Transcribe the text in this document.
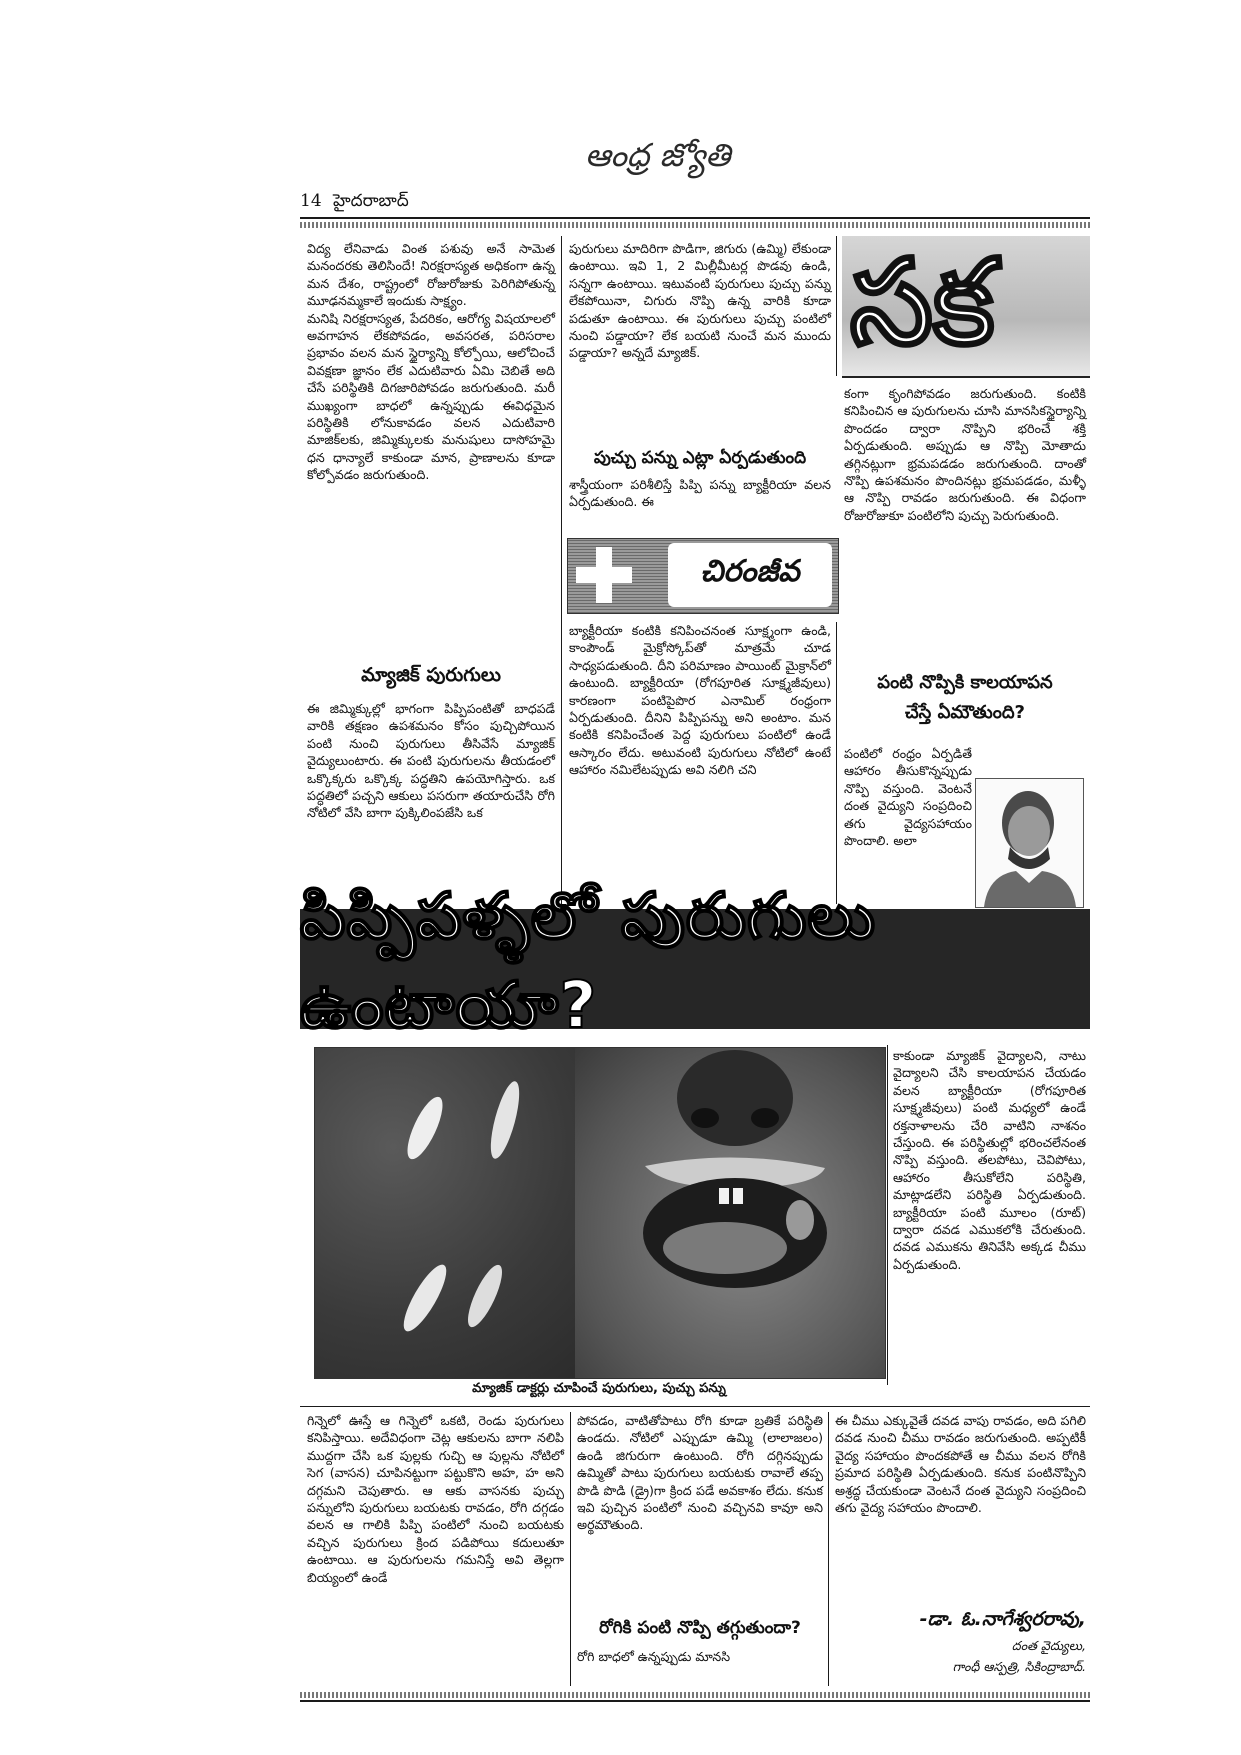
ఆంధ్ర జ్యోతి
14 హైదరాబాద్
విద్య లేనివాడు వింత పశువు అనే సామెత మనందరకు తెలిసిందే! నిరక్షరాస్యత అధికంగా ఉన్న మన దేశం, రాష్ట్రంలో రోజురోజుకు పెరిగిపోతున్న మూఢనమ్మకాలే ఇందుకు సాక్ష్యం.
మనిషి నిరక్షరాస్యత, పేదరికం, ఆరోగ్య విషయాలలో అవగాహన లేకపోవడం, అవసరత, పరిసరాల ప్రభావం వలన మన స్థైర్యాన్ని కోల్పోయి, ఆలోచించే వివక్షణా జ్ఞానం లేక ఎదుటివారు ఏమి చెబితే అది చేసే పరిస్థితికి దిగజారిపోవడం జరుగుతుంది. మరీ ముఖ్యంగా బాధలో ఉన్నప్పుడు ఈవిధమైన పరిస్థితికి లోనుకావడం వలన ఎదుటివారి మాజిక్‌లకు, జిమ్మిక్కులకు మనుషులు దాసోహమై ధన ధాన్యాలే కాకుండా మాన, ప్రాణాలను కూడా కోల్పోవడం జరుగుతుంది.
మ్యాజిక్ పురుగులు
ఈ జిమ్మిక్కుల్లో భాగంగా పిప్పిపంటితో బాధపడే వారికి తక్షణం ఉపశమనం కోసం పుచ్చిపోయిన పంటి నుంచి పురుగులు తీసివేసే మ్యాజిక్ వైద్యులుంటారు. ఈ పంటి పురుగులను తీయడంలో ఒక్కొక్కరు ఒక్కొక్క పద్ధతిని ఉపయోగిస్తారు. ఒక పద్ధతిలో పచ్చని ఆకులు పసరుగా తయారుచేసి రోగి నోటిలో వేసి బాగా పుక్కిలింపజేసి ఒక
పురుగులు మాదిరిగా పొడిగా, జిగురు (ఉమ్మి) లేకుండా ఉంటాయి. ఇవి 1, 2 మిల్లీమీటర్ల పొడవు ఉండి, సన్నగా ఉంటాయి. ఇటువంటి పురుగులు పుచ్చు పన్ను లేకపోయినా, చిగురు నొప్పి ఉన్న వారికి కూడా పడుతూ ఉంటాయి. ఈ పురుగులు పుచ్చు పంటిలో నుంచి పడ్డాయా? లేక బయటి నుంచే మన ముందు పడ్డాయా? అన్నదే మ్యాజిక్.
పుచ్చు పన్ను ఎట్లా ఏర్పడుతుంది
శాస్త్రీయంగా పరిశీలిస్తే పిప్పి పన్ను బ్యాక్టీరియా వలన ఏర్పడుతుంది. ఈ
చిరంజీవ
బ్యాక్టీరియా కంటికి కనిపించనంత సూక్ష్మంగా ఉండి, కాంపౌండ్ మైక్రోస్కోప్‌తో మాత్రమే చూడ సాధ్యపడుతుంది. దీని పరిమాణం పాయింట్ మైక్రాన్‌లో ఉంటుంది. బ్యాక్టీరియా (రోగపూరిత సూక్ష్మజీవులు) కారణంగా పంటిపైపొర ఎనామిల్ రంధ్రంగా ఏర్పడుతుంది. దీనిని పిప్పిపన్ను అని అంటాం. మన కంటికి కనిపించేంత పెద్ద పురుగులు పంటిలో ఉండే ఆస్కారం లేదు. అటువంటి పురుగులు నోటిలో ఉంటే ఆహారం నమిలేటప్పుడు అవి నలిగి చని
సక
కంగా కృంగిపోవడం జరుగుతుంది. కంటికి కనిపించిన ఆ పురుగులను చూసి మానసికస్థైర్యాన్ని పొందడం ద్వారా నొప్పిని భరించే శక్తి ఏర్పడుతుంది. అప్పుడు ఆ నొప్పి మోతాదు తగ్గినట్లుగా భ్రమపడడం జరుగుతుంది. దాంతో నొప్పి ఉపశమనం పొందినట్లు భ్రమపడడం, మళ్ళీ ఆ నొప్పి రావడం జరుగుతుంది. ఈ విధంగా రోజురోజుకూ పంటిలోని పుచ్చు పెరుగుతుంది.
పంటి నొప్పికి కాలయాపన
చేస్తే ఏమౌతుంది?
పంటిలో రంధ్రం ఏర్పడితే ఆహారం తీసుకొన్నప్పుడు నొప్పి వస్తుంది. వెంటనే దంత వైద్యుని సంప్రదించి తగు వైద్యసహాయం పొందాలి. అలా
పిప్పిపళ్ళలో పురుగులు ఉంటాయా?
మ్యాజిక్ డాక్టర్లు చూపించే పురుగులు, పుచ్చు పన్ను
కాకుండా మ్యాజిక్ వైద్యాలని, నాటు వైద్యాలని చేసి కాలయాపన చేయడం వలన బ్యాక్టీరియా (రోగపూరిత సూక్ష్మజీవులు) పంటి మధ్యలో ఉండే రక్తనాళాలను చేరి వాటిని నాశనం చేస్తుంది. ఈ పరిస్థితుల్లో భరించలేనంత నొప్పి వస్తుంది. తలపోటు, చెవిపోటు, ఆహారం తీసుకోలేని పరిస్థితి, మాట్లాడలేని పరిస్థితి ఏర్పడుతుంది. బ్యాక్టీరియా పంటి మూలం (రూట్) ద్వారా దవడ ఎముకలోకి చేరుతుంది. దవడ ఎముకను తినివేసి అక్కడ చీము ఏర్పడుతుంది.
గిన్నెలో ఊస్తే ఆ గిన్నెలో ఒకటి, రెండు పురుగులు కనిపిస్తాయి. అదేవిధంగా చెట్ల ఆకులను బాగా నలిపి ముద్దగా చేసి ఒక పుల్లకు గుచ్చి ఆ పుల్లను నోటిలో సెగ (వాసన) చూపినట్టుగా పట్టుకొని అహ, హ అని దగ్గమని చెపుతారు. ఆ ఆకు వాసనకు పుచ్చు పన్నులోని పురుగులు బయటకు రావడం, రోగి దగ్గడం వలన ఆ గాలికి పిప్పి పంటిలో నుంచి బయటకు వచ్చిన పురుగులు క్రింద పడిపోయి కదులుతూ ఉంటాయి. ఆ పురుగులను గమనిస్తే అవి తెల్లగా బియ్యంలో ఉండే
పోవడం, వాటితోపాటు రోగి కూడా బ్రతికే పరిస్థితి ఉండదు. నోటిలో ఎప్పుడూ ఉమ్మి (లాలాజలం) ఉండి జిగురుగా ఉంటుంది. రోగి దగ్గినప్పుడు ఉమ్మితో పాటు పురుగులు బయటకు రావాలే తప్ప పొడి పొడి (డ్రై)గా క్రింద పడే అవకాశం లేదు. కనుక ఇవి పుచ్చిన పంటిలో నుంచి వచ్చినవి కావూ అని అర్థమౌతుంది.
రోగికి పంటి నొప్పి తగ్గుతుందా?
రోగి బాధలో ఉన్నప్పుడు మానసి
ఈ చీము ఎక్కువైతే దవడ వాపు రావడం, అది పగిలి దవడ నుంచి చీము రావడం జరుగుతుంది. అప్పటికీ వైద్య సహాయం పొందకపోతే ఆ చీము వలన రోగికి ప్రమాద పరిస్థితి ఏర్పడుతుంది. కనుక పంటినొప్పిని అశ్రద్ధ చేయకుండా వెంటనే దంత వైద్యుని సంప్రదించి తగు వైద్య సహాయం పొందాలి.
-డా. ఓ.నాగేశ్వరరావు,
దంత వైద్యులు,
గాంధీ ఆస్పత్రి, సికింద్రాబాద్.
